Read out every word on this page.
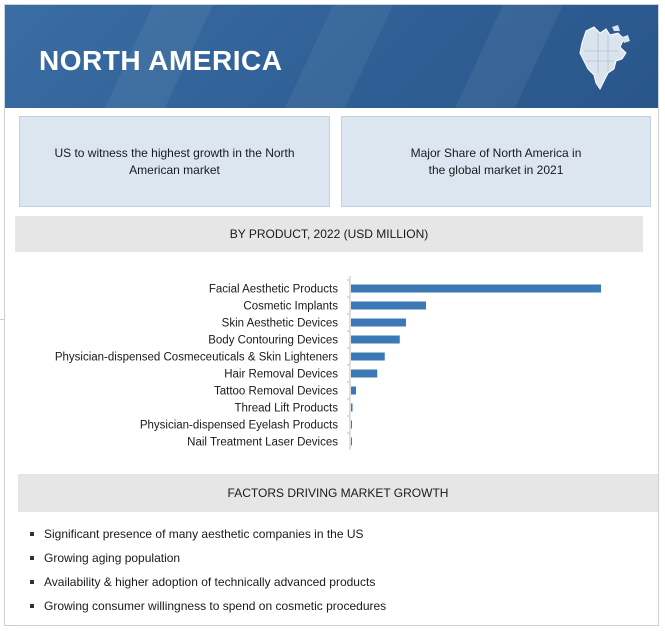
NORTH AMERICA
US to witness the highest growth in the North American market
Major Share of North America in the global market in 2021
BY PRODUCT, 2022 (USD MILLION)
Facial Aesthetic Products
Cosmetic Implants
Skin Aesthetic Devices
Body Contouring Devices
Physician-dispensed Cosmeceuticals & Skin Lighteners
Hair Removal Devices
Tattoo Removal Devices
Thread Lift Products
Physician-dispensed Eyelash Products
Nail Treatment Laser Devices
FACTORS DRIVING MARKET GROWTH
Significant presence of many aesthetic companies in the US
Growing aging population
Availability & higher adoption of technically advanced products
Growing consumer willingness to spend on cosmetic procedures
